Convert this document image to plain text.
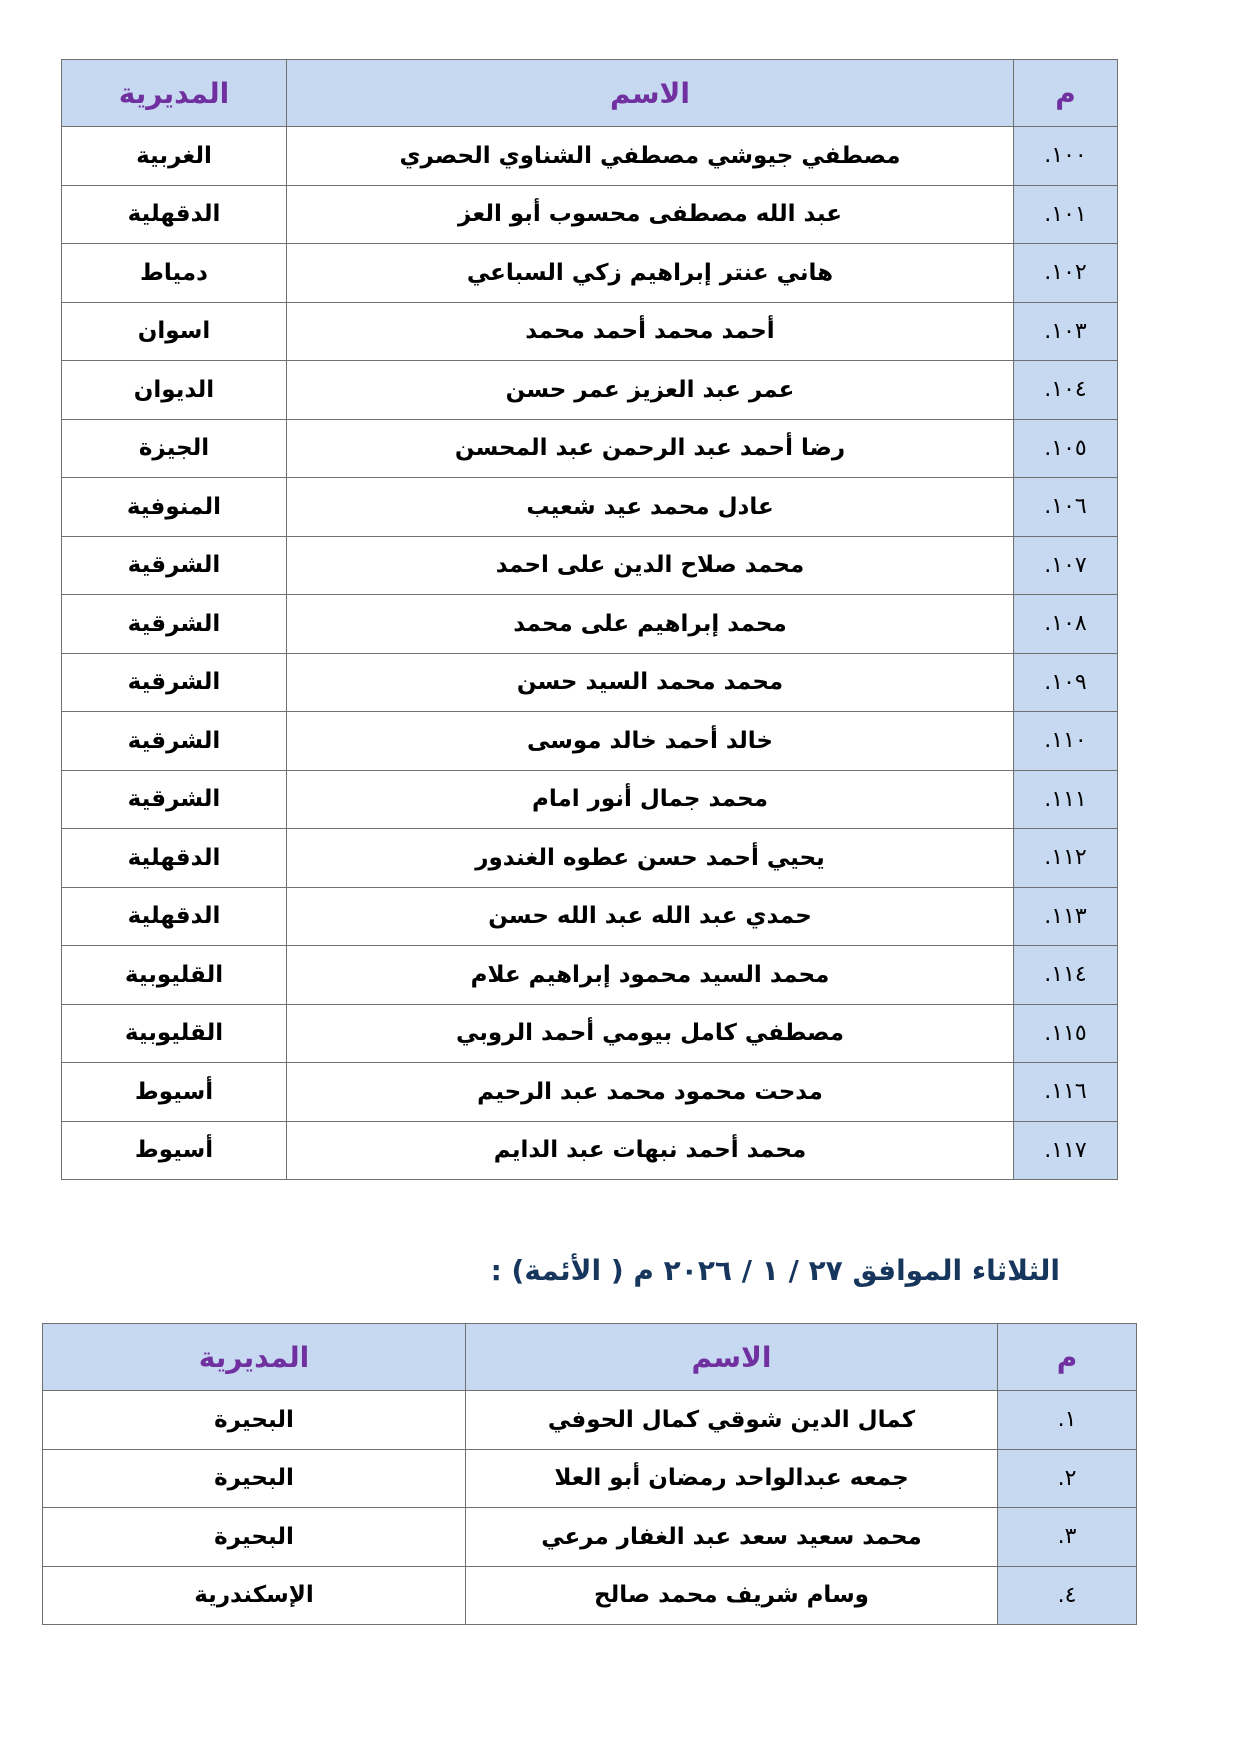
م	الاسم	المديرية
١٠٠.	مصطفي جيوشي مصطفي الشناوي الحصري	الغربية
١٠١.	عبد الله مصطفى محسوب أبو العز	الدقهلية
١٠٢.	هاني عنتر إبراهيم زكي السباعي	دمياط
١٠٣.	أحمد محمد أحمد محمد	اسوان
١٠٤.	عمر عبد العزيز عمر حسن	الديوان
١٠٥.	رضا أحمد عبد الرحمن عبد المحسن	الجيزة
١٠٦.	عادل محمد عيد شعيب	المنوفية
١٠٧.	محمد صلاح الدين على احمد	الشرقية
١٠٨.	محمد إبراهيم على محمد	الشرقية
١٠٩.	محمد محمد السيد حسن	الشرقية
١١٠.	خالد أحمد خالد موسى	الشرقية
١١١.	محمد جمال أنور امام	الشرقية
١١٢.	يحيي أحمد حسن عطوه الغندور	الدقهلية
١١٣.	حمدي عبد الله عبد الله حسن	الدقهلية
١١٤.	محمد السيد محمود إبراهيم علام	القليوبية
١١٥.	مصطفي كامل بيومي أحمد الروبي	القليوبية
١١٦.	مدحت محمود محمد عبد الرحيم	أسيوط
١١٧.	محمد أحمد نبهات عبد الدايم	أسيوط
الثلاثاء الموافق ٢٧ / ١ / ٢٠٢٦ م ( الأئمة) :
م	الاسم	المديرية
١.	كمال الدين شوقي كمال الحوفي	البحيرة
٢.	جمعه عبدالواحد رمضان أبو العلا	البحيرة
٣.	محمد سعيد سعد عبد الغفار مرعي	البحيرة
٤.	وسام شريف محمد صالح	الإسكندرية
